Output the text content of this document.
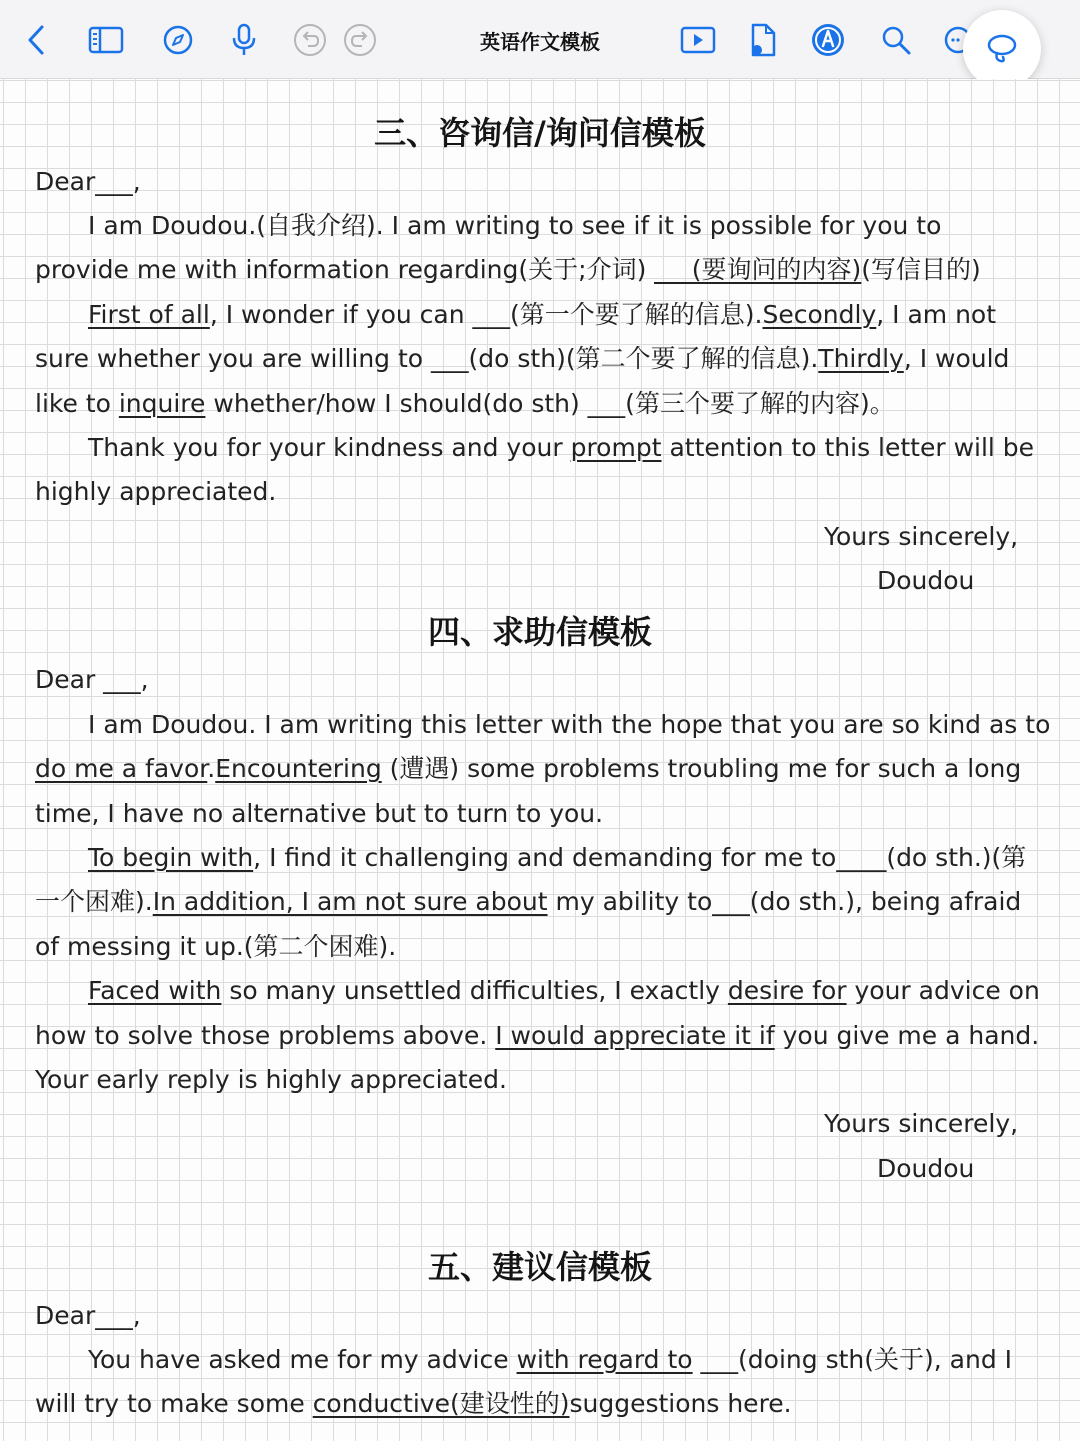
英语作文模板
三、咨询信/询问信模板
Dear___,
I am Doudou.(自我介绍). I am writing to see if it is possible for you to
provide me with information regarding(关于;介词) ___(要询问的内容)(写信目的)
First of all, I wonder if you can ___(第一个要了解的信息).Secondly, I am not
sure whether you are willing to ___(do sth)(第二个要了解的信息).Thirdly, I would
like to inquire whether/how I should(do sth) ___(第三个要了解的内容)。
Thank you for your kindness and your prompt attention to this letter will be
highly appreciated.
Yours sincerely,
Doudou
四、求助信模板
Dear ___,
I am Doudou. I am writing this letter with the hope that you are so kind as to
do me a favor.Encountering (遭遇) some problems troubling me for such a long
time, I have no alternative but to turn to you.
To begin with, I find it challenging and demanding for me to____(do sth.)(第
一个困难).In addition, I am not sure about my ability to___(do sth.), being afraid
of messing it up.(第二个困难).
Faced with so many unsettled difficulties, I exactly desire for your advice on
how to solve those problems above. I would appreciate it if you give me a hand.
Your early reply is highly appreciated.
Yours sincerely,
Doudou
五、建议信模板
Dear___,
You have asked me for my advice with regard to ___(doing sth(关于), and I
will try to make some conductive(建设性的)suggestions here.
